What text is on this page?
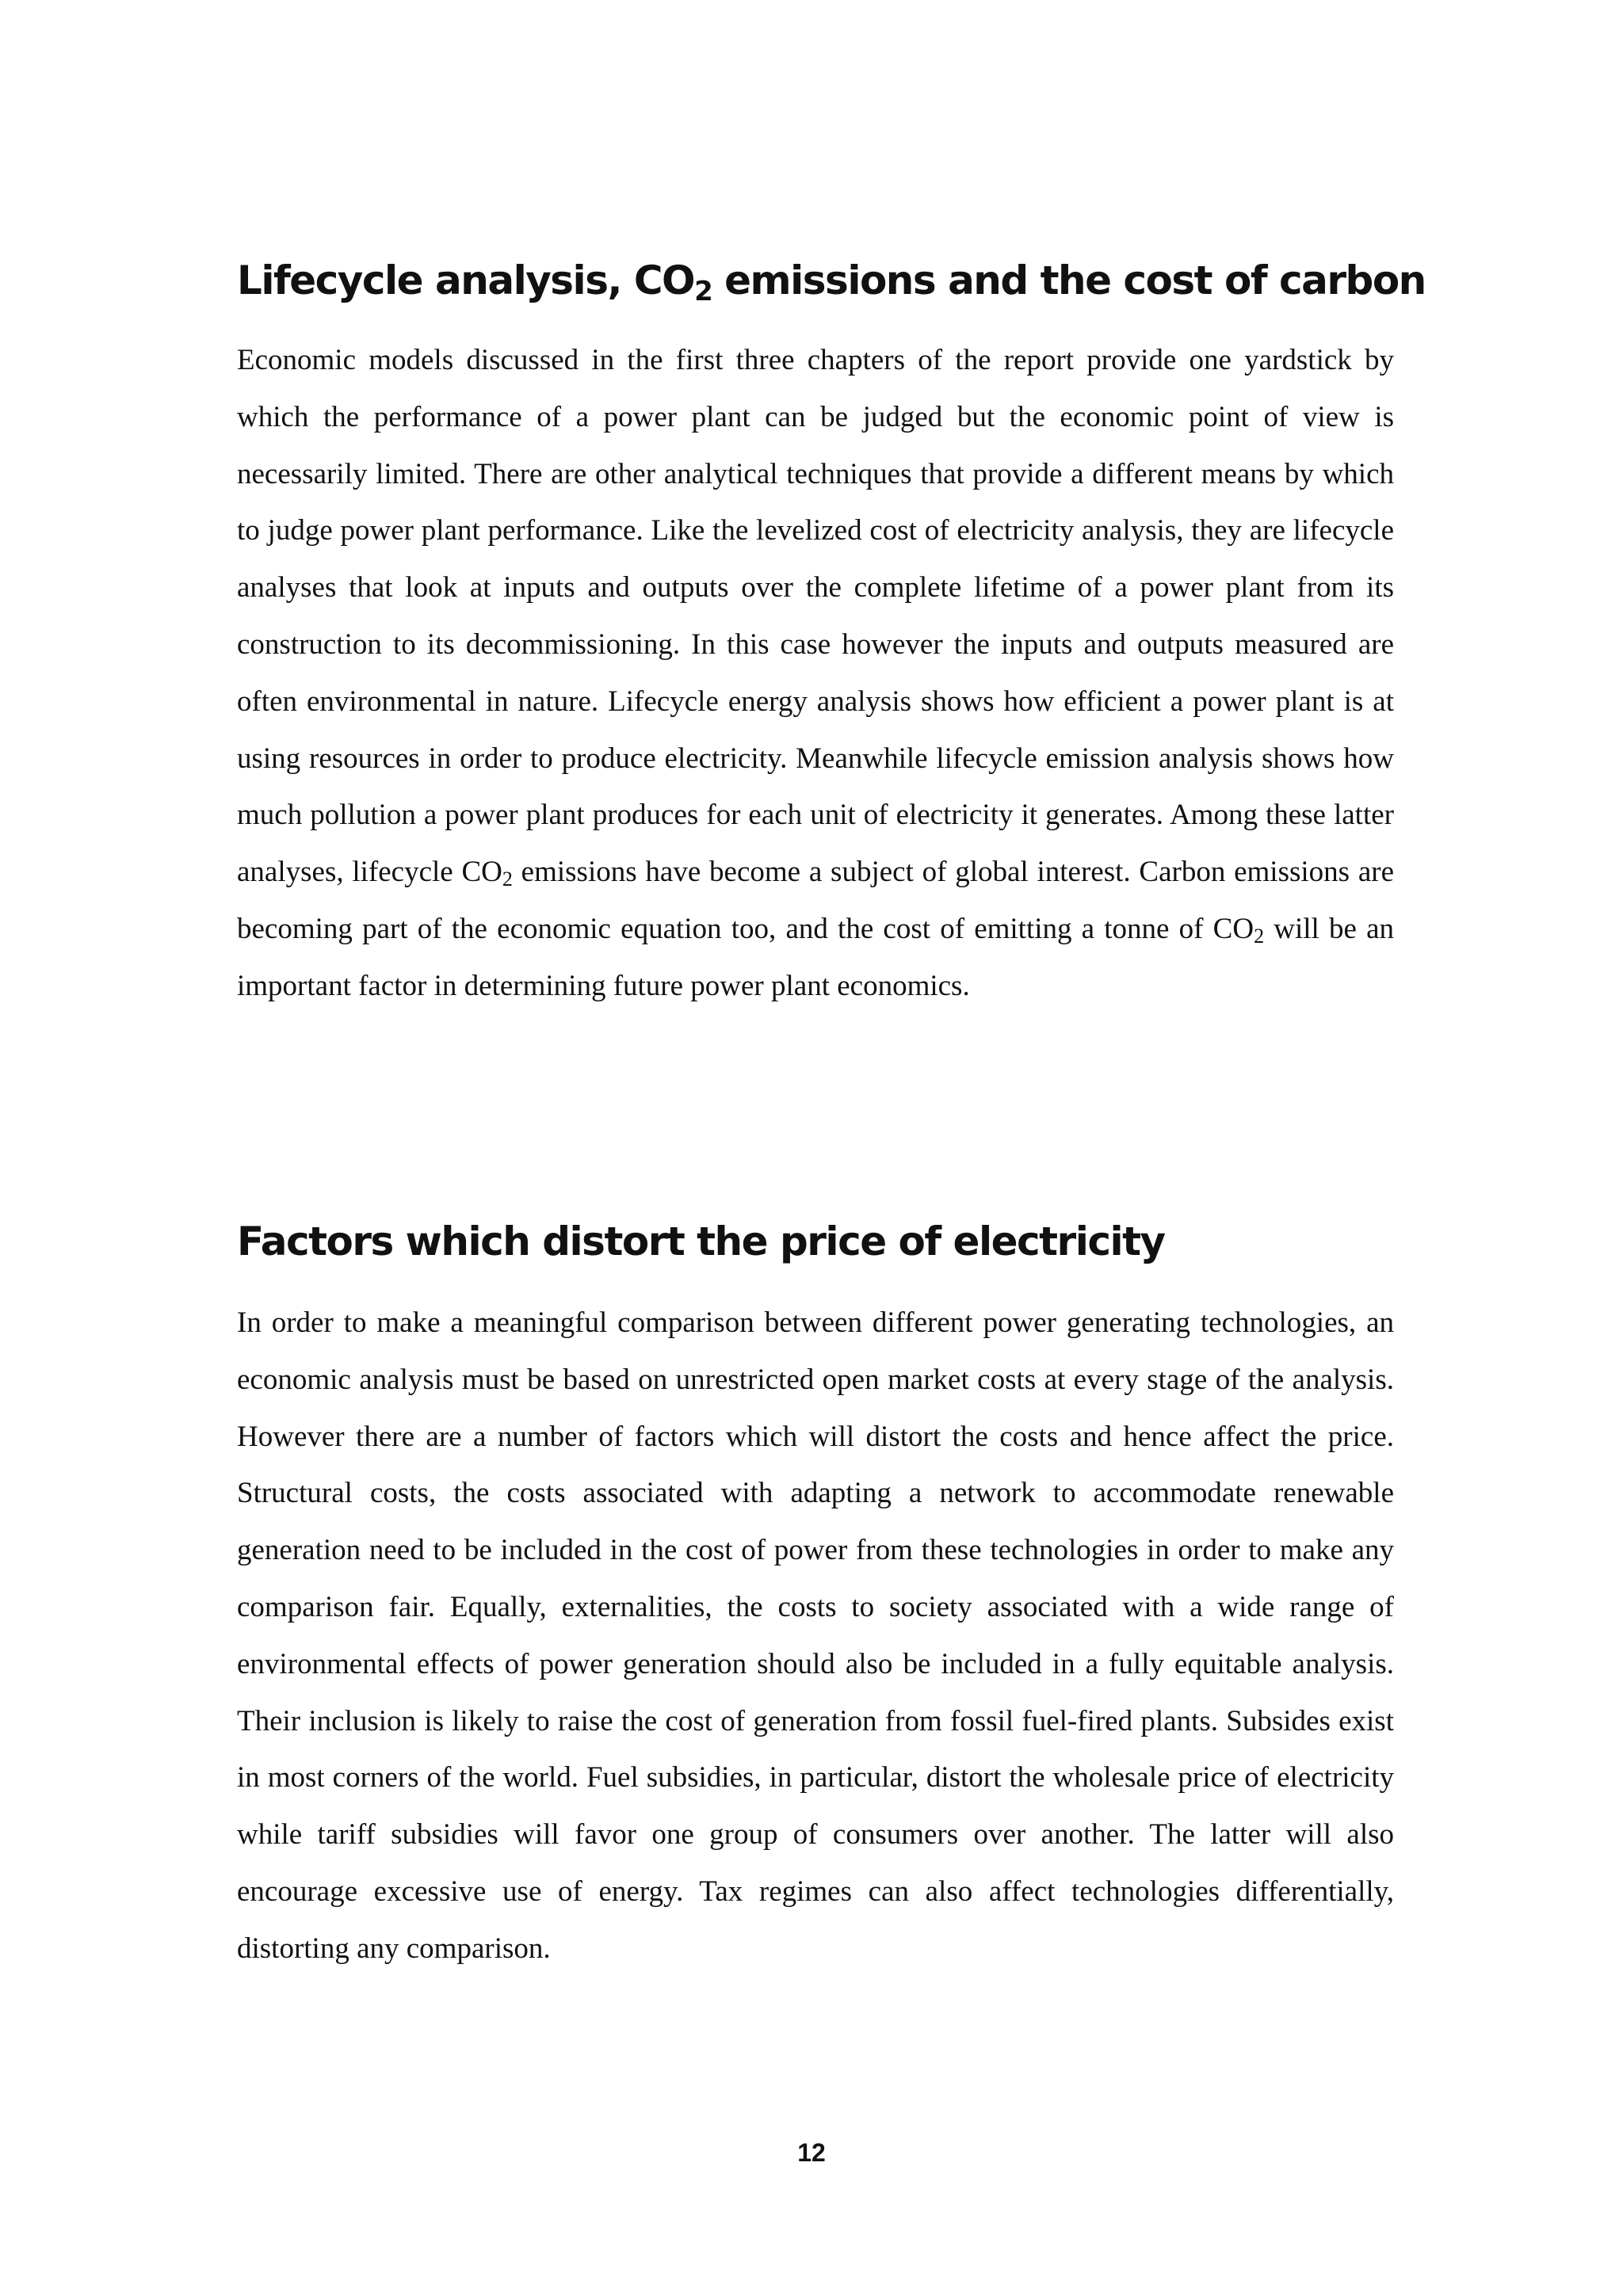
Lifecycle analysis, $CO_2$ emissions and the cost of carbon

Economic models discussed in the first three chapters of the report provide one yardstick by which the performance of a power plant can be judged but the economic point of view is necessarily limited. There are other analytical techniques that provide a different means by which to judge power plant performance. Like the levelized cost of electricity analysis, they are lifecycle analyses that look at inputs and outputs over the complete lifetime of a power plant from its construction to its decommissioning. In this case however the inputs and outputs measured are often environmental in nature. Lifecycle energy analysis shows how efficient a power plant is at using resources in order to produce electricity. Meanwhile lifecycle emission analysis shows how much pollution a power plant produces for each unit of electricity it generates. Among these latter analyses, lifecycle $CO_2$ emissions have become a subject of global interest. Carbon emissions are becoming part of the economic equation too, and the cost of emitting a tonne of $CO_2$ will be an important factor in determining future power plant economics.

Factors which distort the price of electricity

In order to make a meaningful comparison between different power generating technologies, an economic analysis must be based on unrestricted open market costs at every stage of the analysis. However there are a number of factors which will distort the costs and hence affect the price. Structural costs, the costs associated with adapting a network to accommodate renewable generation need to be included in the cost of power from these technologies in order to make any comparison fair. Equally, externalities, the costs to society associated with a wide range of environmental effects of power generation should also be included in a fully equitable analysis. Their inclusion is likely to raise the cost of generation from fossil fuel-fired plants. Subsides exist in most corners of the world. Fuel subsidies, in particular, distort the wholesale price of electricity while tariff subsidies will favor one group of consumers over another. The latter will also encourage excessive use of energy. Tax regimes can also affect technologies differentially, distorting any comparison.

12
